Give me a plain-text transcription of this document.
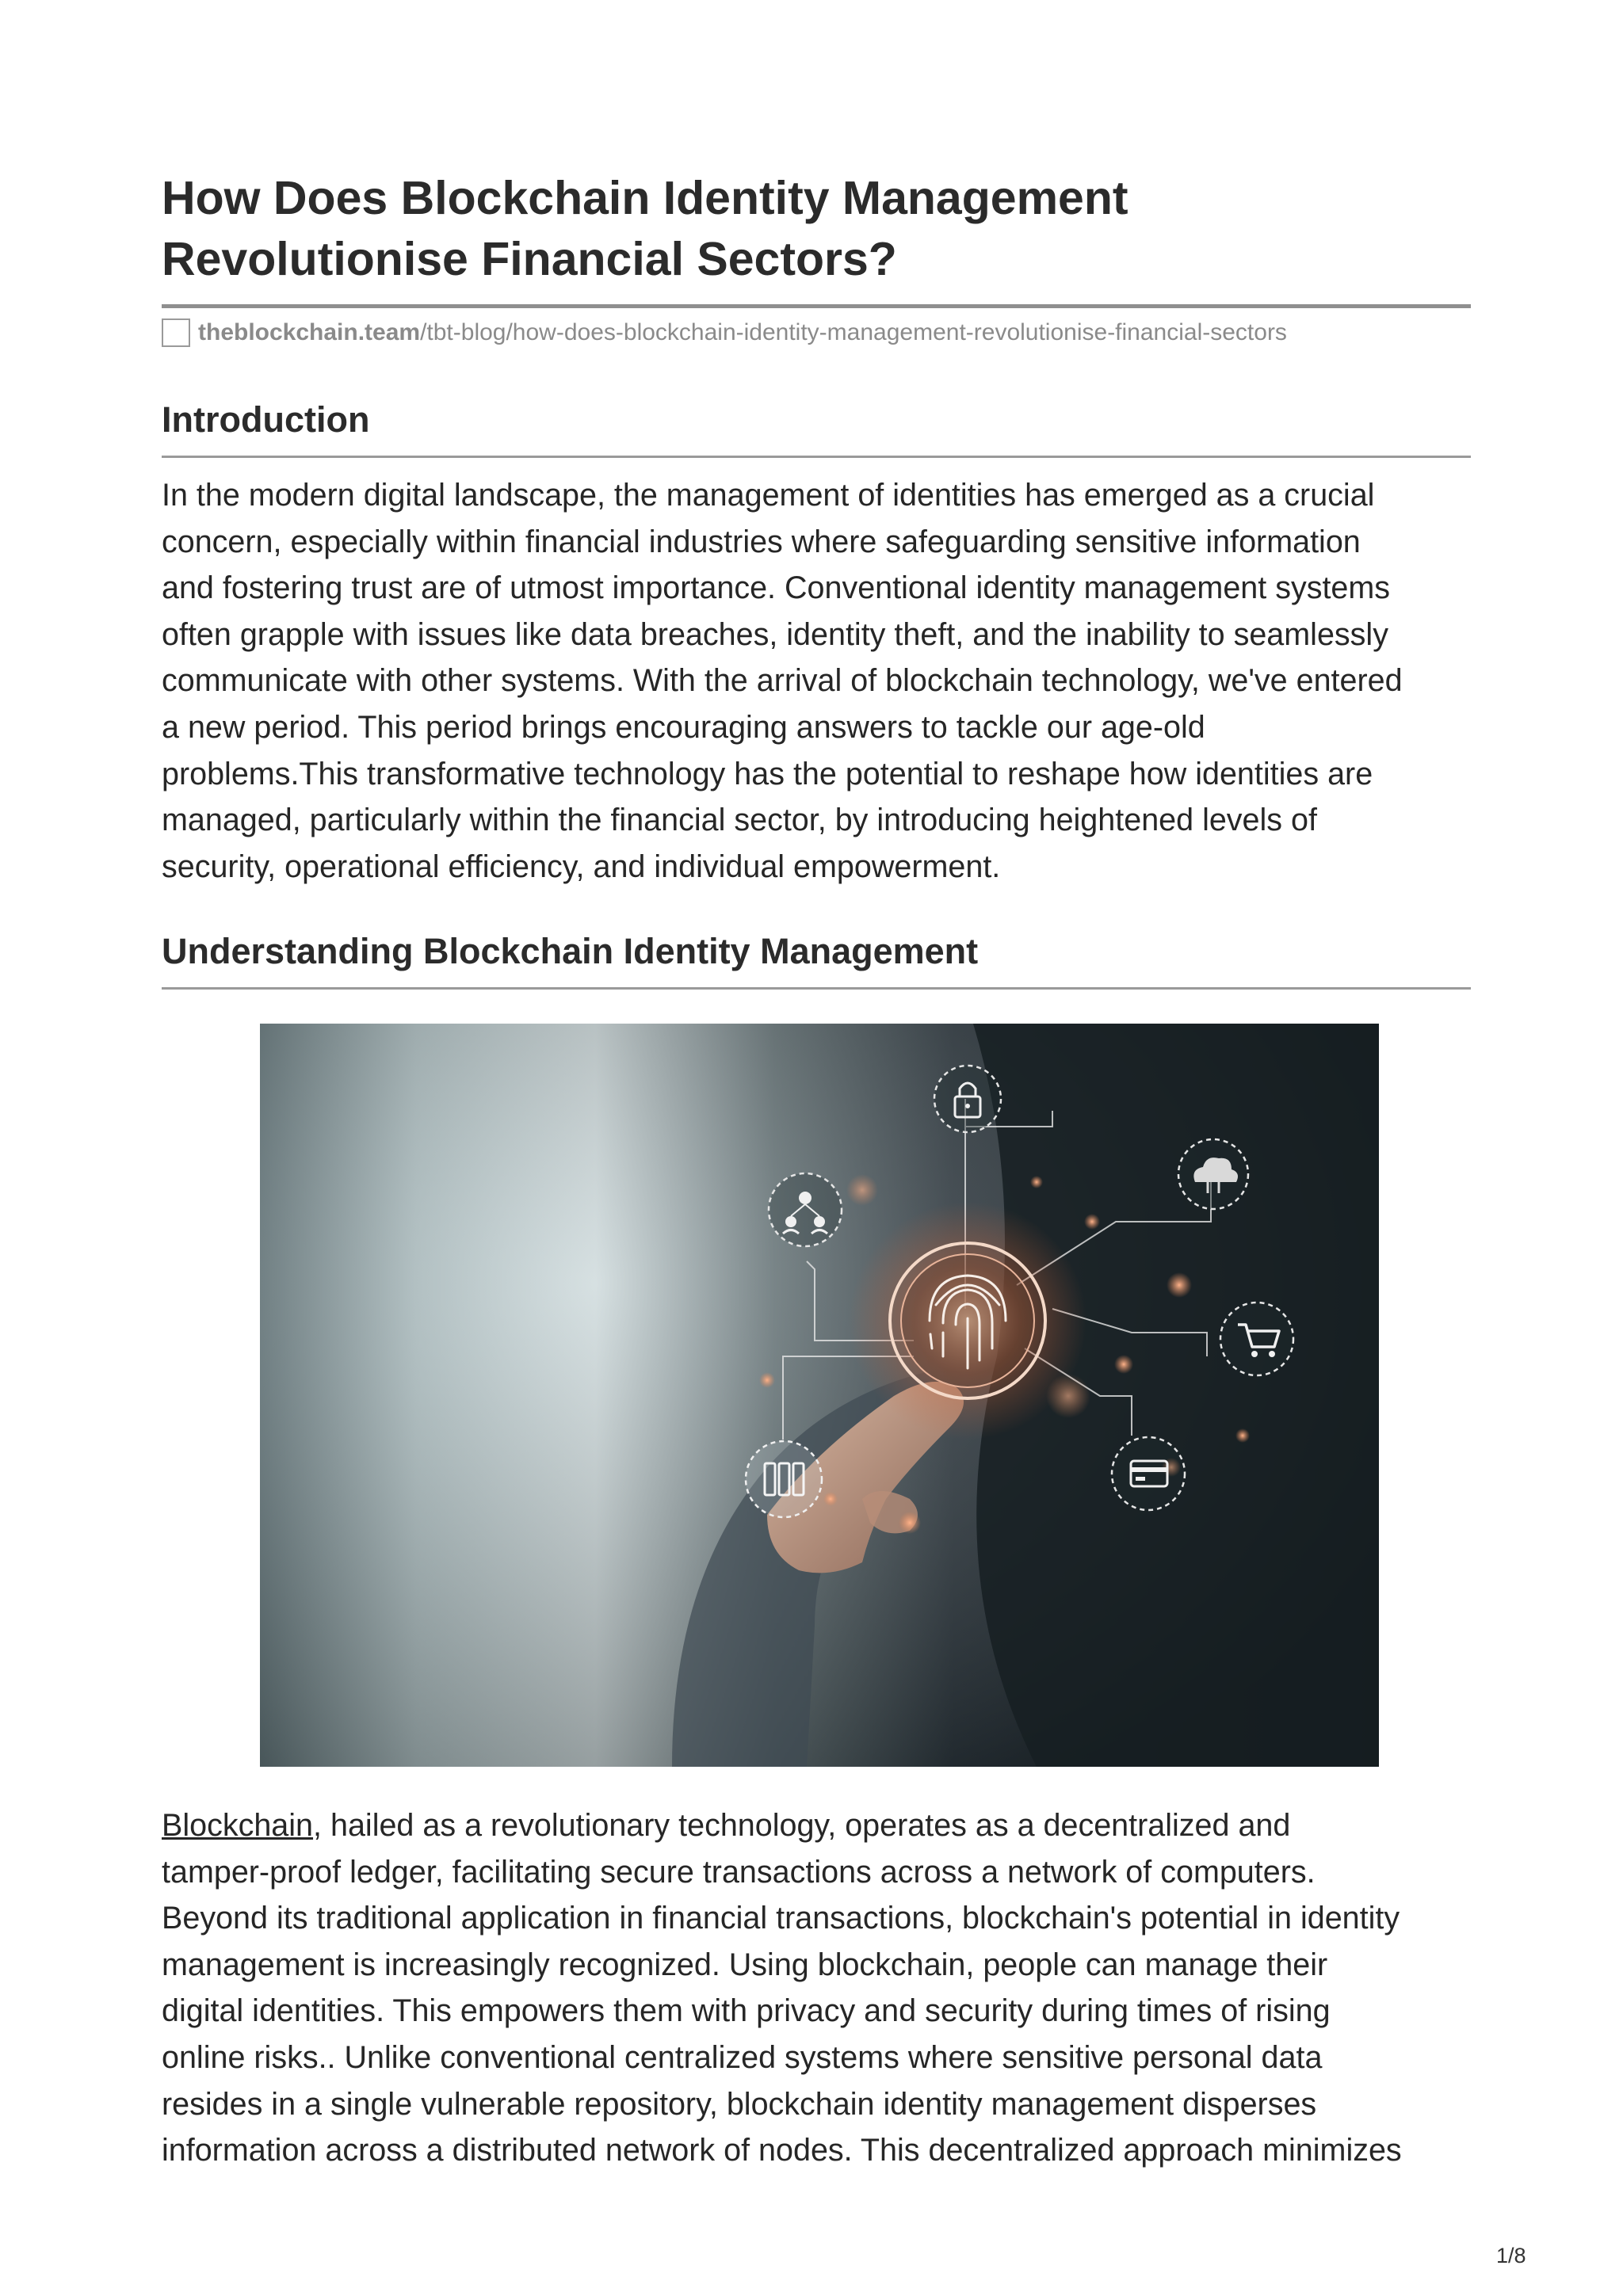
How Does Blockchain Identity Management
Revolutionise Financial Sectors?
theblockchain.team /tbt-blog/how-does-blockchain-identity-management-revolutionise-financial-sectors
Introduction

In the modern digital landscape, the management of identities has emerged as a crucial
concern, especially within financial industries where safeguarding sensitive information
and fostering trust are of utmost importance. Conventional identity management systems
often grapple with issues like data breaches, identity theft, and the inability to seamlessly
communicate with other systems. With the arrival of blockchain technology, we've entered
a new period. This period brings encouraging answers to tackle our age-old
problems.This transformative technology has the potential to reshape how identities are
managed, particularly within the financial sector, by introducing heightened levels of
security, operational efficiency, and individual empowerment.

Understanding Blockchain Identity Management

Blockchain, hailed as a revolutionary technology, operates as a decentralized and
tamper-proof ledger, facilitating secure transactions across a network of computers.
Beyond its traditional application in financial transactions, blockchain's potential in identity
management is increasingly recognized. Using blockchain, people can manage their
digital identities. This empowers them with privacy and security during times of rising
online risks.. Unlike conventional centralized systems where sensitive personal data
resides in a single vulnerable repository, blockchain identity management disperses
information across a distributed network of nodes. This decentralized approach minimizes

1/8
